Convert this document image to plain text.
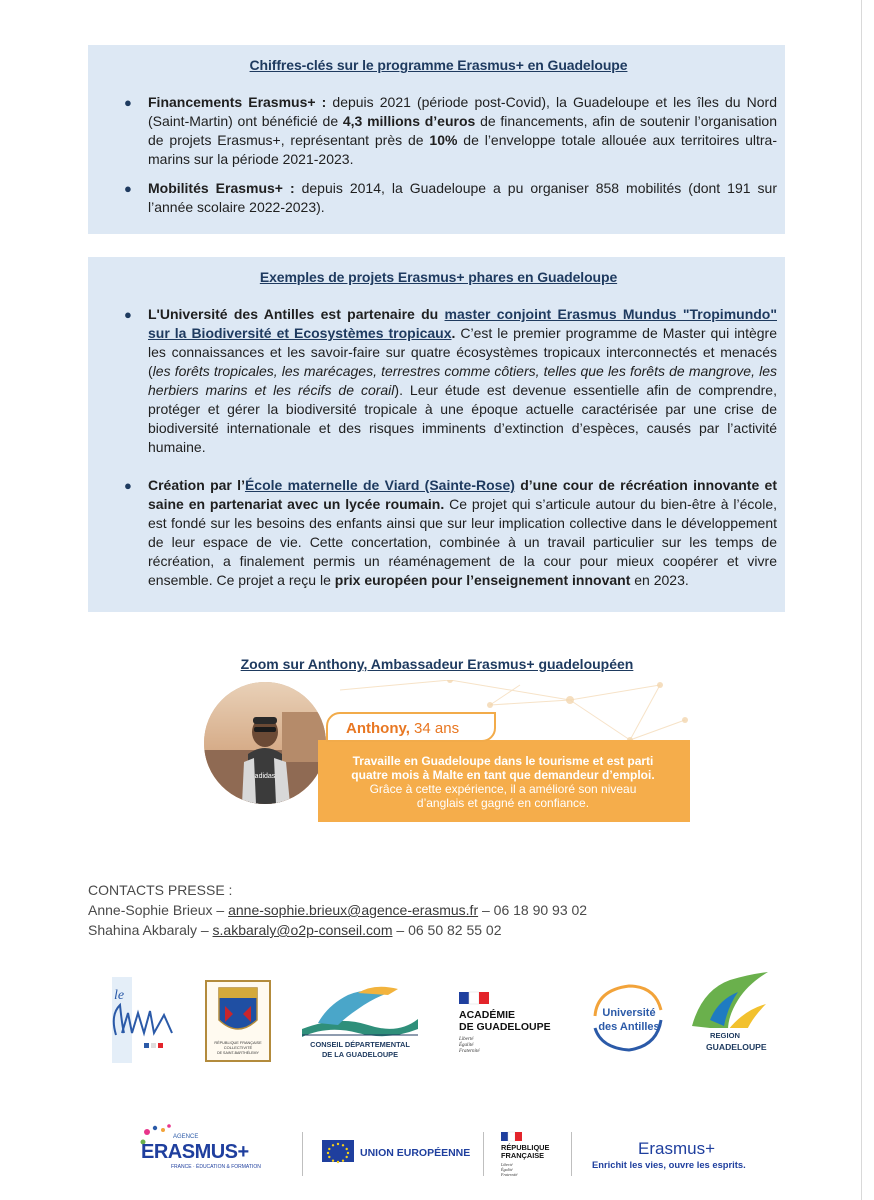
Chiffres-clés sur le programme Erasmus+ en Guadeloupe
● Financements Erasmus+ : depuis 2021 (période post-Covid), la Guadeloupe et les îles du Nord (Saint-Martin) ont bénéficié de 4,3 millions d’euros de financements, afin de soutenir l’organisation de projets Erasmus+, représentant près de 10% de l’enveloppe totale allouée aux territoires ultra-marins sur la période 2021-2023.
● Mobilités Erasmus+ : depuis 2014, la Guadeloupe a pu organiser 858 mobilités (dont 191 sur l’année scolaire 2022-2023).
Exemples de projets Erasmus+ phares en Guadeloupe
● L'Université des Antilles est partenaire du master conjoint Erasmus Mundus "Tropimundo" sur la Biodiversité et Ecosystèmes tropicaux. C’est le premier programme de Master qui intègre les connaissances et les savoir-faire sur quatre écosystèmes tropicaux interconnectés et menacés (les forêts tropicales, les marécages, terrestres comme côtiers, telles que les forêts de mangrove, les herbiers marins et les récifs de corail). Leur étude est devenue essentielle afin de comprendre, protéger et gérer la biodiversité tropicale à une époque actuelle caractérisée par une crise de biodiversité internationale et des risques imminents d’extinction d’espèces, causés par l’activité humaine.
● Création par l’École maternelle de Viard (Sainte-Rose) d’une cour de récréation innovante et saine en partenariat avec un lycée roumain. Ce projet qui s’articule autour du bien-être à l’école, est fondé sur les besoins des enfants ainsi que sur leur implication collective dans le développement de leur espace de vie. Cette concertation, combinée à un travail particulier sur les temps de récréation, a finalement permis un réaménagement de la cour pour mieux coopérer et vivre ensemble. Ce projet a reçu le prix européen pour l’enseignement innovant en 2023.
Zoom sur Anthony, Ambassadeur Erasmus+ guadeloupéen
adidas
Travaille en Guadeloupe dans le tourisme et est parti
quatre mois à Malte en tant que demandeur d’emploi.
Grâce à cette expérience, il a amélioré son niveau
d’anglais et gagné en confiance.
Anthony, 34 ans
CONTACTS PRESSE :
Anne-Sophie Brieux – anne-sophie.brieux@agence-erasmus.fr – 06 18 90 93 02
Shahina Akbaraly – s.akbaraly@o2p-conseil.com – 06 50 82 55 02
le
RÉPUBLIQUE FRANÇAISE
COLLECTIVITÉ
DE SAINT-BARTHÉLEMY
CONSEIL DÉPARTEMENTAL
DE LA GUADELOUPE
ACADÉMIE
DE GUADELOUPE
Liberté
Égalité
Fraternité
Université
des Antilles
REGION
GUADELOUPE
AGENCE
ERASMUS+
FRANCE · ÉDUCATION & FORMATION
UNION EUROPÉENNE	RÉPUBLIQUE
FRANÇAISE
Liberté
Égalité
Fraternité
Erasmus+
Enrichit les vies, ouvre les esprits.
